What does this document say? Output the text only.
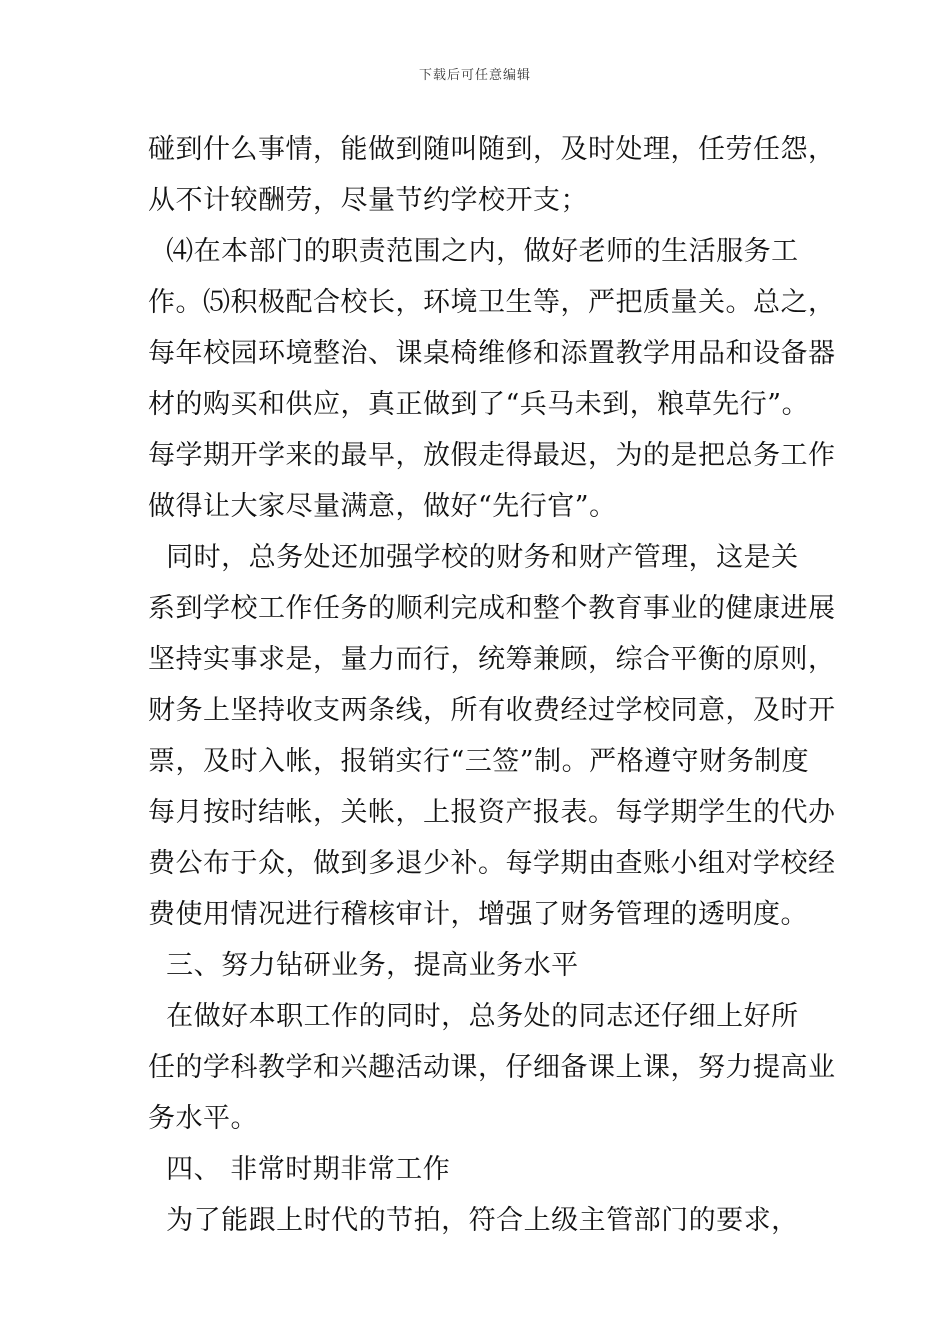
下载后可任意编辑
碰到什么事情，能做到随叫随到，及时处理，任劳任怨，
从不计较酬劳，尽量节约学校开支；
⑷在本部门的职责范围之内，做好老师的生活服务工
作。⑸积极配合校长，环境卫生等，严把质量关。总之，
每年校园环境整治、课桌椅维修和添置教学用品和设备器
材的购买和供应，真正做到了“兵马未到，粮草先行”。
每学期开学来的最早，放假走得最迟，为的是把总务工作
做得让大家尽量满意，做好“先行官”。
同时，总务处还加强学校的财务和财产管理，这是关
系到学校工作任务的顺利完成和整个教育事业的健康进展
坚持实事求是，量力而行，统筹兼顾，综合平衡的原则，
财务上坚持收支两条线，所有收费经过学校同意，及时开
票，及时入帐，报销实行“三签”制。严格遵守财务制度
每月按时结帐，关帐，上报资产报表。每学期学生的代办
费公布于众，做到多退少补。每学期由查账小组对学校经
费使用情况进行稽核审计，增强了财务管理的透明度。
三、努力钻研业务，提高业务水平
在做好本职工作的同时，总务处的同志还仔细上好所
任的学科教学和兴趣活动课，仔细备课上课，努力提高业
务水平。
四、 非常时期非常工作
为了能跟上时代的节拍，符合上级主管部门的要求，
